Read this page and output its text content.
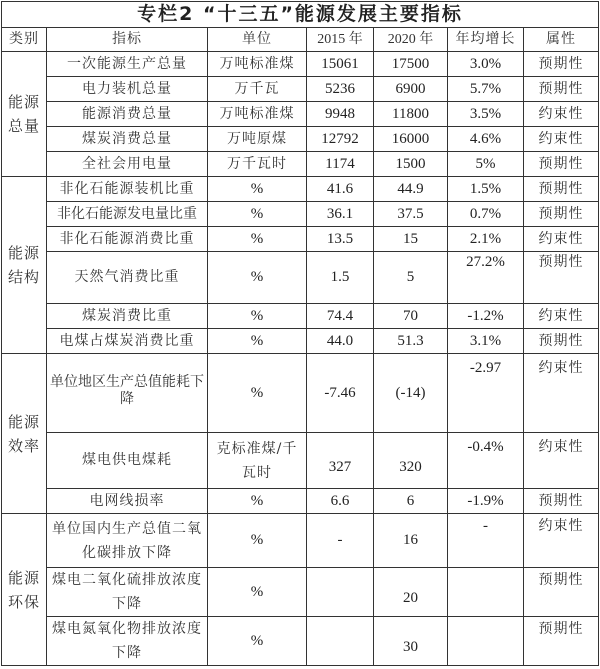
专栏2 “十三五”能源发展主要指标						
类别	指标	单位	2015 年	2020 年	年均增长	属性
能源
总量	一次能源生产总量	万吨标准煤	15061	17500	3.0%	预期性
	电力装机总量	万千瓦	5236	6900	5.7%	预期性
	能源消费总量	万吨标准煤	9948	11800	3.5%	约束性
	煤炭消费总量	万吨原煤	12792	16000	4.6%	约束性
	全社会用电量	万千瓦时	1174	1500	5%	预期性
能源
结构	非化石能源装机比重	%	41.6	44.9	1.5%	预期性
	非化石能源发电量比重	%	36.1	37.5	0.7%	预期性
	非化石能源消费比重	%	13.5	15	2.1%	约束性
	天然气消费比重	%	1.5	5	27.2%	预期性
	煤炭消费比重	%	74.4	70	-1.2%	约束性
	电煤占煤炭消费比重	%	44.0	51.3	3.1%	预期性
能源
效率	单位地区生产总值能耗下降	%	-7.46	(-14)	-2.97	约束性
	煤电供电煤耗	克标准煤/千瓦时	327	320	-0.4%	约束性
	电网线损率	%	6.6	6	-1.9%	预期性
能源
环保	单位国内生产总值二氧化碳排放下降	%	-	16	-	约束性
	煤电二氧化硫排放浓度下降	%		20		预期性
	煤电氮氧化物排放浓度下降	%		30		预期性
